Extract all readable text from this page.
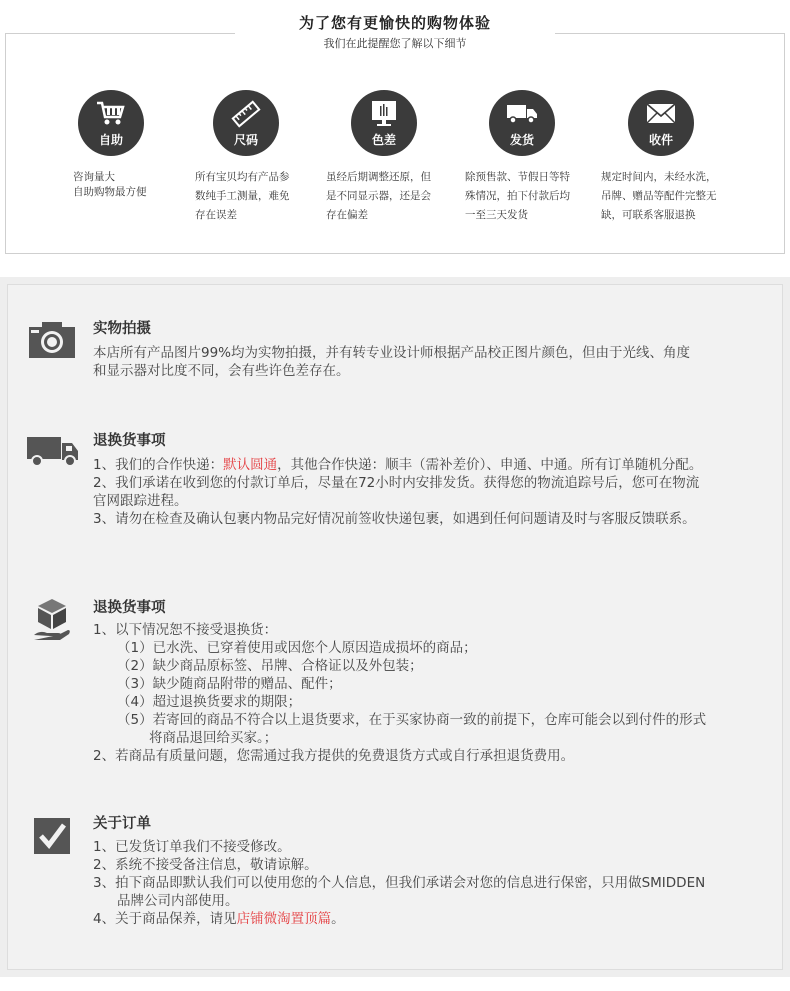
为了您有更愉快的购物体验
我们在此提醒您了解以下细节
自助
咨询量大
自助购物最方便
尺码
所有宝贝均有产品参
数纯手工测量，难免
存在误差
色差
虽经后期调整还原，但
是不同显示器，还是会
存在偏差
发货
除预售款、节假日等特
殊情况，拍下付款后均
一至三天发货
收件
规定时间内，未经水洗，
吊牌、赠品等配件完整无
缺，可联系客服退换
实物拍摄
本店所有产品图片99%均为实物拍摄，并有转专业设计师根据产品校正图片颜色，但由于光线、角度
和显示器对比度不同，会有些许色差存在。
退换货事项
1、我们的合作快递：默认圆通，其他合作快递：顺丰（需补差价）、申通、中通。所有订单随机分配。
2、我们承诺在收到您的付款订单后，尽量在72小时内安排发货。获得您的物流追踪号后，您可在物流
官网跟踪进程。
3、请勿在检查及确认包裹内物品完好情况前签收快递包裹，如遇到任何问题请及时与客服反馈联系。
退换货事项
1、以下情况恕不接受退换货：
（1）已水洗、已穿着使用或因您个人原因造成损坏的商品；
（2）缺少商品原标签、吊牌、合格证以及外包装；
（3）缺少随商品附带的赠品、配件；
（4）超过退换货要求的期限；
（5）若寄回的商品不符合以上退货要求，在于买家协商一致的前提下，仓库可能会以到付件的形式
将商品退回给买家。；
2、若商品有质量问题，您需通过我方提供的免费退货方式或自行承担退货费用。
关于订单
1、已发货订单我们不接受修改。
2、系统不接受备注信息，敬请谅解。
3、拍下商品即默认我们可以使用您的个人信息，但我们承诺会对您的信息进行保密，只用做SMIDDEN
品牌公司内部使用。
4、关于商品保养，请见店铺微淘置顶篇。
